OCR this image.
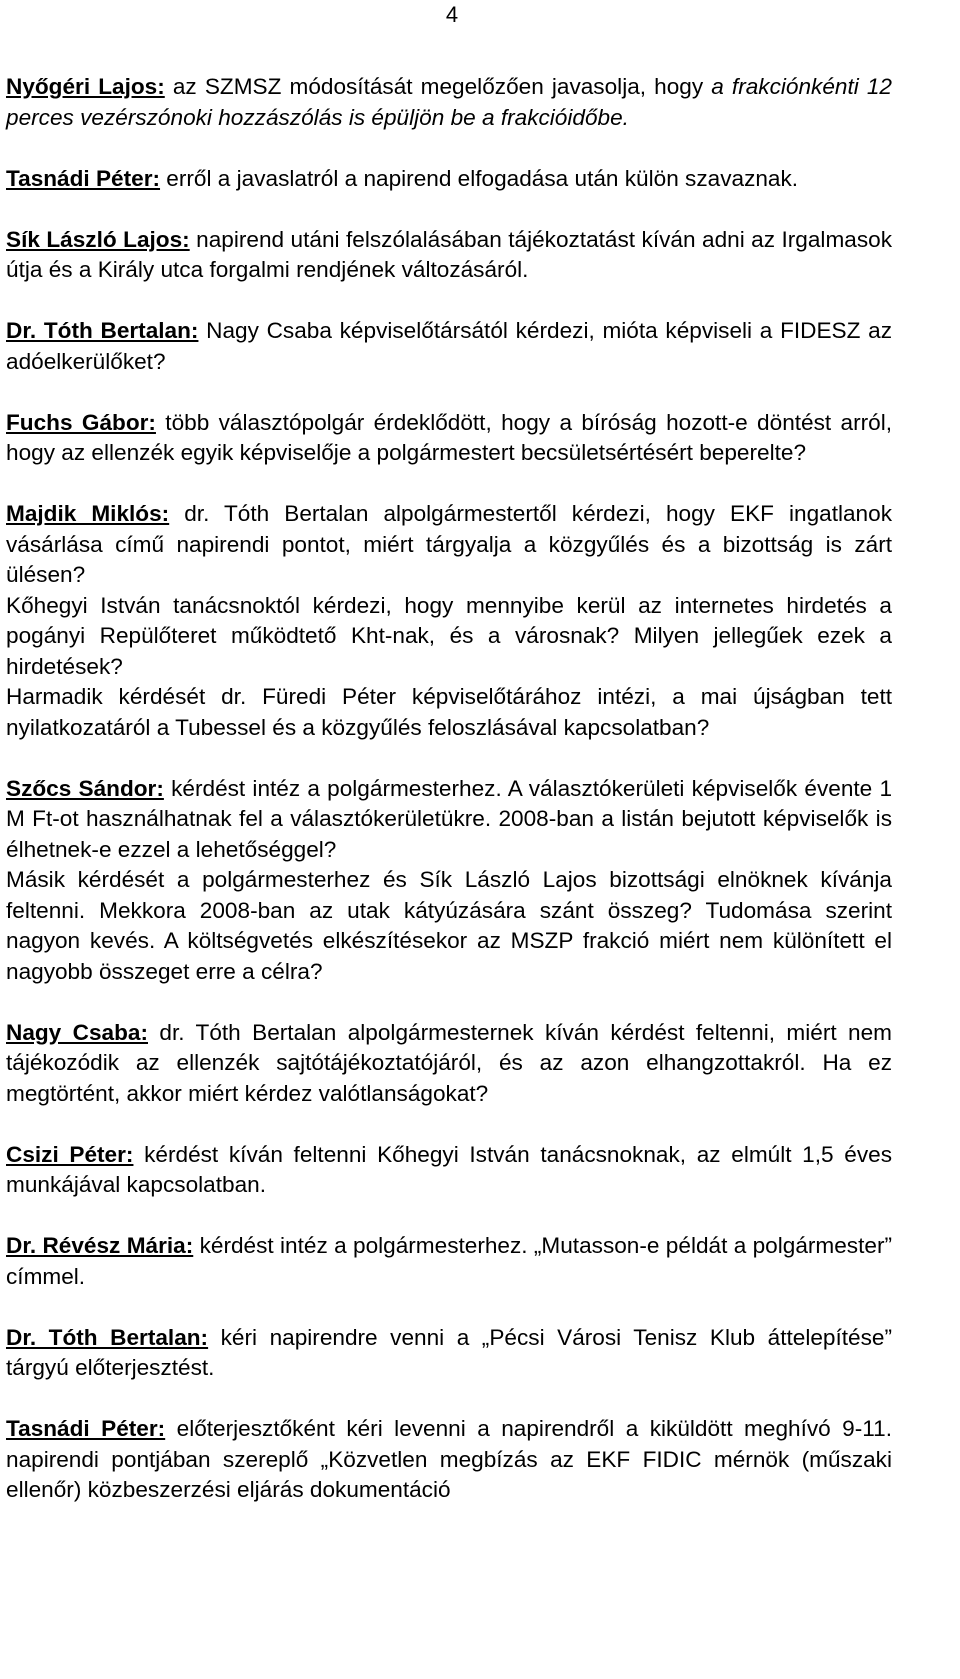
4

Nyőgéri Lajos: az SZMSZ módosítását megelőzően javasolja, hogy a frakciónkénti 12 perces vezérszónoki hozzászólás is épüljön be a frakcióidőbe.

Tasnádi Péter: erről a javaslatról a napirend elfogadása után külön szavaznak.

Sík László Lajos: napirend utáni felszólalásában tájékoztatást kíván adni az Irgalmasok útja és a Király utca forgalmi rendjének változásáról.

Dr. Tóth Bertalan: Nagy Csaba képviselőtársától kérdezi, mióta képviseli a FIDESZ az adóelkerülőket?

Fuchs Gábor: több választópolgár érdeklődött, hogy a bíróság hozott-e döntést arról, hogy az ellenzék egyik képviselője a polgármestert becsületsértésért beperelte?

Majdik Miklós: dr. Tóth Bertalan alpolgármestertől kérdezi, hogy EKF ingatlanok vásárlása című napirendi pontot, miért tárgyalja a közgyűlés és a bizottság is zárt ülésen?

Kőhegyi István tanácsnoktól kérdezi, hogy mennyibe kerül az internetes hirdetés a pogányi Repülőteret működtető Kht-nak, és a városnak? Milyen jellegűek ezek a hirdetések?

Harmadik kérdését dr. Füredi Péter képviselőtárához intézi, a mai újságban tett nyilatkozatáról a Tubessel és a közgyűlés feloszlásával kapcsolatban?

Szőcs Sándor: kérdést intéz a polgármesterhez. A választókerületi képviselők évente 1 M Ft-ot használhatnak fel a választókerületükre. 2008-ban a listán bejutott képviselők is élhetnek-e ezzel a lehetőséggel?

Másik kérdését a polgármesterhez és Sík László Lajos bizottsági elnöknek kívánja feltenni. Mekkora 2008-ban az utak kátyúzására szánt összeg? Tudomása szerint nagyon kevés. A költségvetés elkészítésekor az MSZP frakció miért nem különített el nagyobb összeget erre a célra?

Nagy Csaba: dr. Tóth Bertalan alpolgármesternek kíván kérdést feltenni, miért nem tájékozódik az ellenzék sajtótájékoztatójáról, és az azon elhangzottakról. Ha ez megtörtént, akkor miért kérdez valótlanságokat?

Csizi Péter: kérdést kíván feltenni Kőhegyi István tanácsnoknak, az elmúlt 1,5 éves munkájával kapcsolatban.

Dr. Révész Mária: kérdést intéz a polgármesterhez. „Mutasson-e példát a polgármester” címmel.

Dr. Tóth Bertalan: kéri napirendre venni a „Pécsi Városi Tenisz Klub áttelepítése” tárgyú előterjesztést.

Tasnádi Péter: előterjesztőként kéri levenni a napirendről a kiküldött meghívó 9-11. napirendi pontjában szereplő „Közvetlen megbízás az EKF FIDIC mérnök (műszaki ellenőr) közbeszerzési eljárás dokumentáció
